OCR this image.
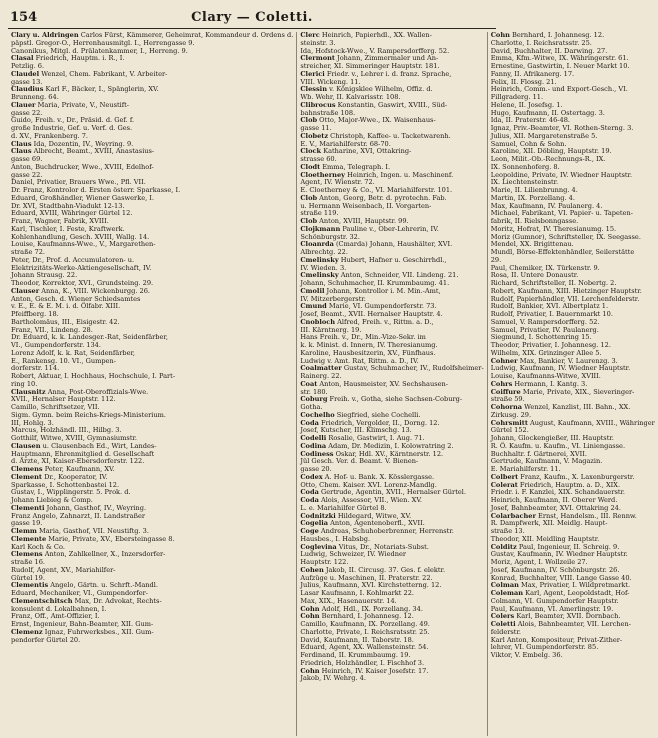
154	Clary — Coletti.
Clary u. Aldringen Carlos Fürst, Kämmerer, Geheimrat, Kommandeur d. Ordens d.
päpstl. Gregor-O., Herrenhausmitgl. I., Herrengasse 9.
Canonikus, Mitgl. d. Prälatenkammer, I., Herreng. 9.
Clasal Friedrich, Hauptm. i. R., I.
Petzlig. 6.
Claudel Wenzel, Chem. Fabrikant, V. Arbeiter-
gasse 13.
Claudius Karl F., Bäcker, I., Spänglerin, XV.
Brunneng. 64.
Clauer Maria, Private, V., Neustift-
gasse 22.
Guido, Freih. v., Dr., Präsid. d. Gef. f.
große Industrie, Gef. u. Verf. d. Ges.
d. XV., Frankenberg. 7.
Claus Ida, Dozentin, IV., Weyring. 9.
Claus Albrecht, Beamt., XVIII, Anastasius-
gasse 69.
Anton, Buchdrucker, Wwe., XVIII, Edelhof-
gasse 22.
Daniel, Privatier, Brauers Wwe., Pfl. VII.
Dr. Franz, Kontrolor d. Ersten österr. Sparkasse, I.
Eduard, Großhändler, Wiener Gaswerke, I.
Dr. XVI, Stadtbahn-Viadukt 12-13.
Eduard, XVIII, Währinger Gürtel 12.
Franz, Wagner, Fabrik, XVIII.
Karl, Tischler, I. Feste, Kraftwerk.
Kohlenhandlung, Gesch. XVIII, Wallg. 14.
Louise, Kaufmanns-Wwe., V., Margarethen-
straße 72.
Peter, Dr., Prof. d. Accumulatoren- u.
Elektrizitäts-Werke-Aktiengesellschaft, IV.
Johann Strausg. 22.
Theodor, Korrektor, XVI., Grundsteing. 29.
Clauser Anna, K., VIII. Wickenburgg. 26.
Anton, Gesch. d. Wiener Schiedsamtes
v. E., E. & E. M. i. d. Ölfabr. XIII.
Pfeiffberg. 18.
Bartholomäus, III., Eisigestr. 42.
Franz, VII., Lindeng. 28.
Dr. Eduard, k. k. Landesger.-Rat, Seidenfärber,
VI., Gumpendorferstr. 134.
Lorenz Adolf, k. k. Rat, Seidenfärber,
E., Rankensg. 10. VI., Gumpen-
dorferstr. 114.
Robert, Aktuar, I. Hochhaus, Hochschule, I. Part-
ring 10.
Clausnitz Anna, Post-Oberoffizials-Wwe.
XVII., Hernalser Hauptstr. 112.
Camillo, Schriftsetzer, VII.
Sigm. Gymn. beim Reichs-Kriegs-Ministerium.
III, Hohlg. 3.
Marcus, Holzhändl. III., Hilbg. 3.
Gotthilf, Witwe, XVIII, Gymnasiumstr.
Clausen u. Clausenbach Ed., Wirt, Landes-
Hauptmann, Ehrenmitglied d. Gesellschaft
d. Ärzte, XI, Kaiser-Ebersdorferstr. 122.
Clemens Peter, Kaufmann, XV.
Clement Dr., Kooperator, IV.
Sparkasse, I. Schottenbastei 12.
Gustav, I., Wipplingerstr. 5. Prok. d.
Johann Liebieg & Comp.
Clementi Johann, Gasthof, IV., Weyring.
Franz Angelo, Zahnarzt, II. Landstraßer
gasse 19.
Clemm Maria, Gasthof, VII. Neustiftg. 3.
Clemente Marie, Private, XV., Ebersteingasse 8.
Karl Koch & Co.
Clemens Anton, Zahlkellner, X., Inzersdorfer-
straße 16.
Rudolf, Agent, XV., Mariahilfer-
Gürtel 19.
Clementis Angelo, Gärtn. u. Schrft.-Mandl.
Eduard, Mechaniker, VI., Gumpendorfer-
Clementschitsch Max, Dr. Advokat, Rechts-
konsulent d. Lokalbahnen, I.
Franz, Off., Amt-Offizier, I.
Ernst, Ingenieur, Bahn-Beamter, XII. Gum-
Clemenz Ignaz, Fuhrwerksbes., XII. Gum-
pendorfer Gürtel 20.
Clerc Heinrich, Papierhdl., XX. Wallen-
steinstr. 3.
Ida, Hofstock-Wwe., V. Rampersdorfferg. 52.
Clermont Johann, Zimmermaler und An-
streicher, XI. Simmeringer Hauptstr. 181.
Clerici Friedr. v., Lehrer i. d. franz. Sprache,
VIII. Wickeng. 11.
Clessin v. Königsklee Wilhelm, Offiz. d.
Wb. Wehr, II. Kalvarisstr. 108.
Clibrocus Konstantin, Gaswirt, XVIII., Süd-
bahnstraße 108.
Clob Otto, Major-Wwe., IX. Waisenhaus-
gasse 11.
Clobetz Christoph, Kaffee- u. Tacketwarenh.
E. V., Mariahilferstr. 68-70.
Clock Katharine, XVI, Ottakring-
strasse 60.
Clodt Emma, Telegraph. I.
Cloetherney Heinrich, Ingen. u. Maschinenf.
Agent, IV. Wienstr. 72.
E. Cloetherney & Co., VI. Mariahilferstr. 101.
Clob Anton, Georg, Betr. d. pyrotechn. Fab.
u. Hermann Weisenbach, II. Vorgarten-
straße 119.
Clob Anton, XVIII, Hauptstr. 99.
Clojkmann Pauline v., Ober-Lehrerin, IV.
Schönburgstr. 32.
Cloanrda (Cmarda) Johann, Haushälter, XVI.
Albrechtg. 22.
Cmelinsky Hubert, Hafner u. Geschirrhdl.,
IV. Wieden. 3.
Cmelinsky Anton, Schneider, VII. Lindeng. 21.
Johann, Schuhmacher, II. Krummbaumg. 41.
Cmolil Johann, Kontrollor i. M. Min.-Amt,
IV. Mitzerbergerstr.
Cmund Marie, VI. Gumpendorferstr. 73.
Josef, Beamt., XVII. Hernalser Hauptstr. 4.
Cnobloch Alfred, Freih. v., Rittm. a. D.,
III. Kärntnerg. 19.
Hans Freih. v., Dr., Min.-Vize-Sekr. im
k. k. Minist. d. Innern, IV. Theresianumg.
Karoline, Hausbesitzerin, XV., Fünfhaus.
Ludwig v. Amt. Rat, Rittm. a. D., IV.
Coalmatter Gustav, Schuhmacher, IV., Rudolfsheimer-
Rainerg. 22.
Coat Anton, Hausmeister, XV. Sechshausen-
str. 180.
Coburg Freih. v., Gotha, siehe Sachsen-Coburg-
Gotha.
Cochelho Siegfried, siehe Cochelli.
Coda Friedrich, Vergolder, II., Dorng. 12.
Josef, Kutscher, III. Klimschg. 13.
Codelli Rosalie, Gastwirt, I. Aug. 71.
Codina Adam, Dr. Medizin, I. Kolowratring 2.
Codiness Oskar, Hdl. XV., Kärntnerstr. 12.
Jül Gesch. Ver. d. Beamt. V. Bienen-
gasse 20.
Codex A. Hof- u. Bank. X. Kösslergasse.
Otto, Chem. Kaiser. XVI. Lorenz-Mandlg.
Coda Gertrude, Agentin, XVII., Hernalser Gürtel.
Coda Alois, Assessor, VII., Wien. XV.
L. e. Mariahilfer Gürtel 8.
Codnitzki Hildegard, Witwe, XV.
Cogelia Anton, Agentenoberfl., XVII.
Coge Andreas, Schuhoberbrenner, Herrenstr.
Hausbes., I. Habsbg.
Coglevina Vitus, Dr., Notariats-Subst.
Ludwig, Schweizer, IV. Wiedner
Hauptstr. 122.
Cohen Jakob, II. Circusg. 37. Ges. f. elektr.
Aufzüge u. Maschinen, II. Praterstr. 22.
Julius, Kaufmann, XVI. Kirchstetterng. 12.
Lasar Kaufmann, I. Kohlmarkt 22.
Max, XIX., Hasenauerstr. 14.
Cohn Adolf, Hdl., IX. Porzellang. 34.
Cohn Bernhard, I. Johannesg. 12.
Camillo, Kaufmann, IX. Porzellang. 49.
Charlotte, Private, I. Reichsratsstr. 25.
David, Kaufmann, II. Taborstr. 18.
Eduard, Agent, XX. Wallensteinstr. 54.
Ferdinand, II. Krummbaumg. 19.
Friedrich, Holzhändler, I. Fischhof 3.
Cohn Heinrich, IV. Kaiser Josefstr. 17.
Jakob, IV. Wehrg. 4.
Cohn Bernhard, I. Johannesg. 12.
Charlotte, I. Reichsratsstr. 25.
David, Buchhalter, II. Darwing. 27.
Emma, Kfm.-Witwe, IX. Währingerstr. 61.
Ernestine, Gastwirtin, I. Neuer Markt 10.
Fanny, II. Afrikanerg. 17.
Felix, II. Flossg. 21.
Heinrich, Comm.- und Export-Gesch., VI.
Fillgraderg. 11.
Helene, II. Josefsg. 1.
Hugo, Kaufmann, II. Ostertagg. 3.
Ida, II. Praterstr. 46-48.
Ignaz, Priv.-Beamter, VI. Rothen-Sterng. 3.
Julius, XII. Margaretenstraße 5.
Samuel, Cohn & Sohn.
Karoline, XII. Döbling, Hauptstr. 19.
Leon, Milit.-Ob.-Rechnungs-R., IX.
IX. Sonnenhoferg. 8.
Leopoldine, Private, IV. Wiedner Hauptstr.
IX. Liechtensteinstr.
Marie, II. Lilienbrunng. 4.
Martin, IX. Porzellang. 4.
Max, Kaufmann, IV. Paulanerg. 4.
Michael, Fabrikant, VI. Papier- u. Tapeten-
fabrik, II. Rielsbonngasse.
Moritz, Hofrat, IV. Theresianumg. 15.
Moriz (Gumnor), Schriftsteller, IX. Seegasse.
Mendel, XX. Brigittenau.
Mundl, Börse-Effektenhändler, Seilerstätte
29.
Paul, Chemiker, IX. Türkenstr. 9.
Rosa, II. Untere Donaustr.
Richard, Schriftsteller, II. Nobertg. 2.
Robert, Kaufmann, XIII. Hietzinger Hauptstr.
Rudolf, Papierhändler, VII. Lerchenfelderstr.
Rudolf, Bankier, XVI. Albertplatz 1.
Rudolf, Privatier, I. Bauernmarkt 10.
Samuel, V. Rampersdorfferg. 52.
Samuel, Privatier, IV. Paulanerg.
Siegmund, I. Schottenring 15.
Theodor, Privatier, I. Johannesg. 12.
Wilhelm, XIX. Grinzinger Allee 5.
Cohner Max, Bankier, V. Laurenzg. 3.
Ludwig, Kaufmann, IV. Wiedner Hauptstr.
Louise, Kaufmanns-Witwe, XVIII.
Cohrs Hermann, I. Kantg. 3.
Coiffure Marie, Private, XIX., Sieveringer-
straße 59.
Cohorna Wenzel, Kanzlist, III. Bahn., XX.
Zirkusg. 29.
Cohrsmitt August, Kaufmann, XVIII., Währinger
Gürtel 152.
Johann, Glockengießer, III. Hauptstr.
R. Ö. Kaufm. u. Kaufm., VI. Liniengasse.
Buchhaltr. f. Gärtnerei, XVII.
Gertrude, Kaufmann, V. Magazin.
E. Mariahilferstr. 11.
Colbert Franz, Kaufm., X. Laxenburgerstr.
Colerat Friedrich, Hauptm. a. D., XIX.
Friedr. i. F. Kanzlei, XIX. Schandauerstr.
Heinrich, Kaufmann, II. Oberer Werd.
Josef, Bahnbeamter, XVI. Ottakring 24.
Colarbacher Ernst, Handelsm., III. Rennw.
R. Dampfwerk, XII. Meidlg. Haupt-
straße 13.
Theodor, XII. Meidling Hauptstr.
Colditz Paul, Ingenieur, II. Schreig. 9.
Gustav, Kaufmann, IV. Wiedner Hauptstr.
Moriz, Agent, I. Wollzeile 27.
Josef, Kaufmann, IV. Schönburgstr. 26.
Konrad, Buchhalter, VIII. Lange Gasse 40.
Colman Max, Privatier, I. Wildpretmarkt.
Coleman Karl, Agent, Leopoldstadt, Hof-
Colmann, VI. Gumpendorfer Hauptstr.
Paul, Kaufmann, VI. Amerlingstr. 19.
Colers Karl, Beamter, XVII. Dornbach.
Coletti Alois, Bahnbeamter, VII. Lerchen-
felderstr.
Karl Anton, Kompositeur, Privat-Zither-
lehrer, VI. Gumpendorferstr. 85.
Viktor, V. Embelg. 36.
